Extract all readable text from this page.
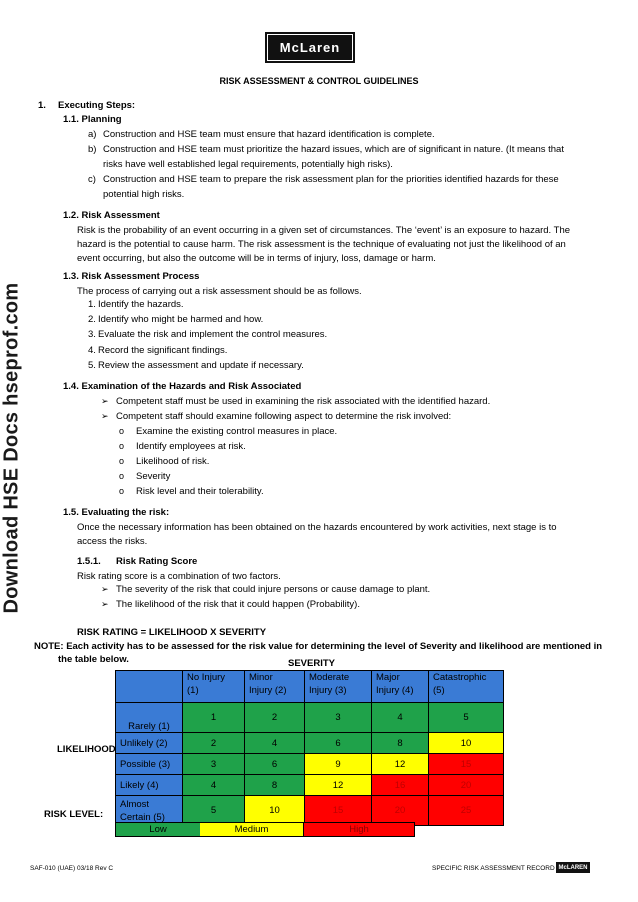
McLaren
Download HSE Docs hseprof.com
RISK ASSESSMENT & CONTROL GUIDELINES
1. Executing Steps:
1.1. Planning
a) Construction and HSE team must ensure that hazard identification is complete.
b) Construction and HSE team must prioritize the hazard issues, which are of significant in nature. (It means that
risks have well established legal requirements, potentially high risks).
c) Construction and HSE team to prepare the risk assessment plan for the priorities identified hazards for these
potential high risks.
1.2. Risk Assessment
Risk is the probability of an event occurring in a given set of circumstances. The ‘event’ is an exposure to hazard. The
hazard is the potential to cause harm. The risk assessment is the technique of evaluating not just the likelihood of an
event occurring, but also the outcome will be in terms of injury, loss, damage or harm.
1.3. Risk Assessment Process
The process of carrying out a risk assessment should be as follows.
1. Identify the hazards.
2. Identify who might be harmed and how.
3. Evaluate the risk and implement the control measures.
4. Record the significant findings.
5. Review the assessment and update if necessary.
1.4. Examination of the Hazards and Risk Associated
➢ Competent staff must be used in examining the risk associated with the identified hazard.
➢ Competent staff should examine following aspect to determine the risk involved:
o Examine the existing control measures in place.
o Identify employees at risk.
o Likelihood of risk.
o Severity
o Risk level and their tolerability.
1.5. Evaluating the risk:
Once the necessary information has been obtained on the hazards encountered by work activities, next stage is to
access the risks.
1.5.1. Risk Rating Score
Risk rating score is a combination of two factors.
➢ The severity of the risk that could injure persons or cause damage to plant.
➢ The likelihood of the risk that it could happen (Probability).
RISK RATING = LIKELIHOOD X SEVERITY
NOTE: Each activity has to be assessed for the risk value for determining the level of Severity and likelihood are mentioned in
the table below.	SEVERITY
LIKELIHOOD
RISK LEVEL:
	No Injury
(1)	Minor
Injury (2)	Moderate
Injury (3)	Major
Injury (4)	Catastrophic
(5)
Rarely (1)	1	2	3	4	5
Unlikely (2)	2	4	6	8	10
Possible (3)	3	6	9	12	15
Likely (4)	4	8	12	16	20
Almost Certain (5)	5	10	15	20	25
Low	Medium	High
SAF-010 (UAE) 03/18 Rev C	SPECIFIC RISK ASSESSMENT RECORD McLAREN
